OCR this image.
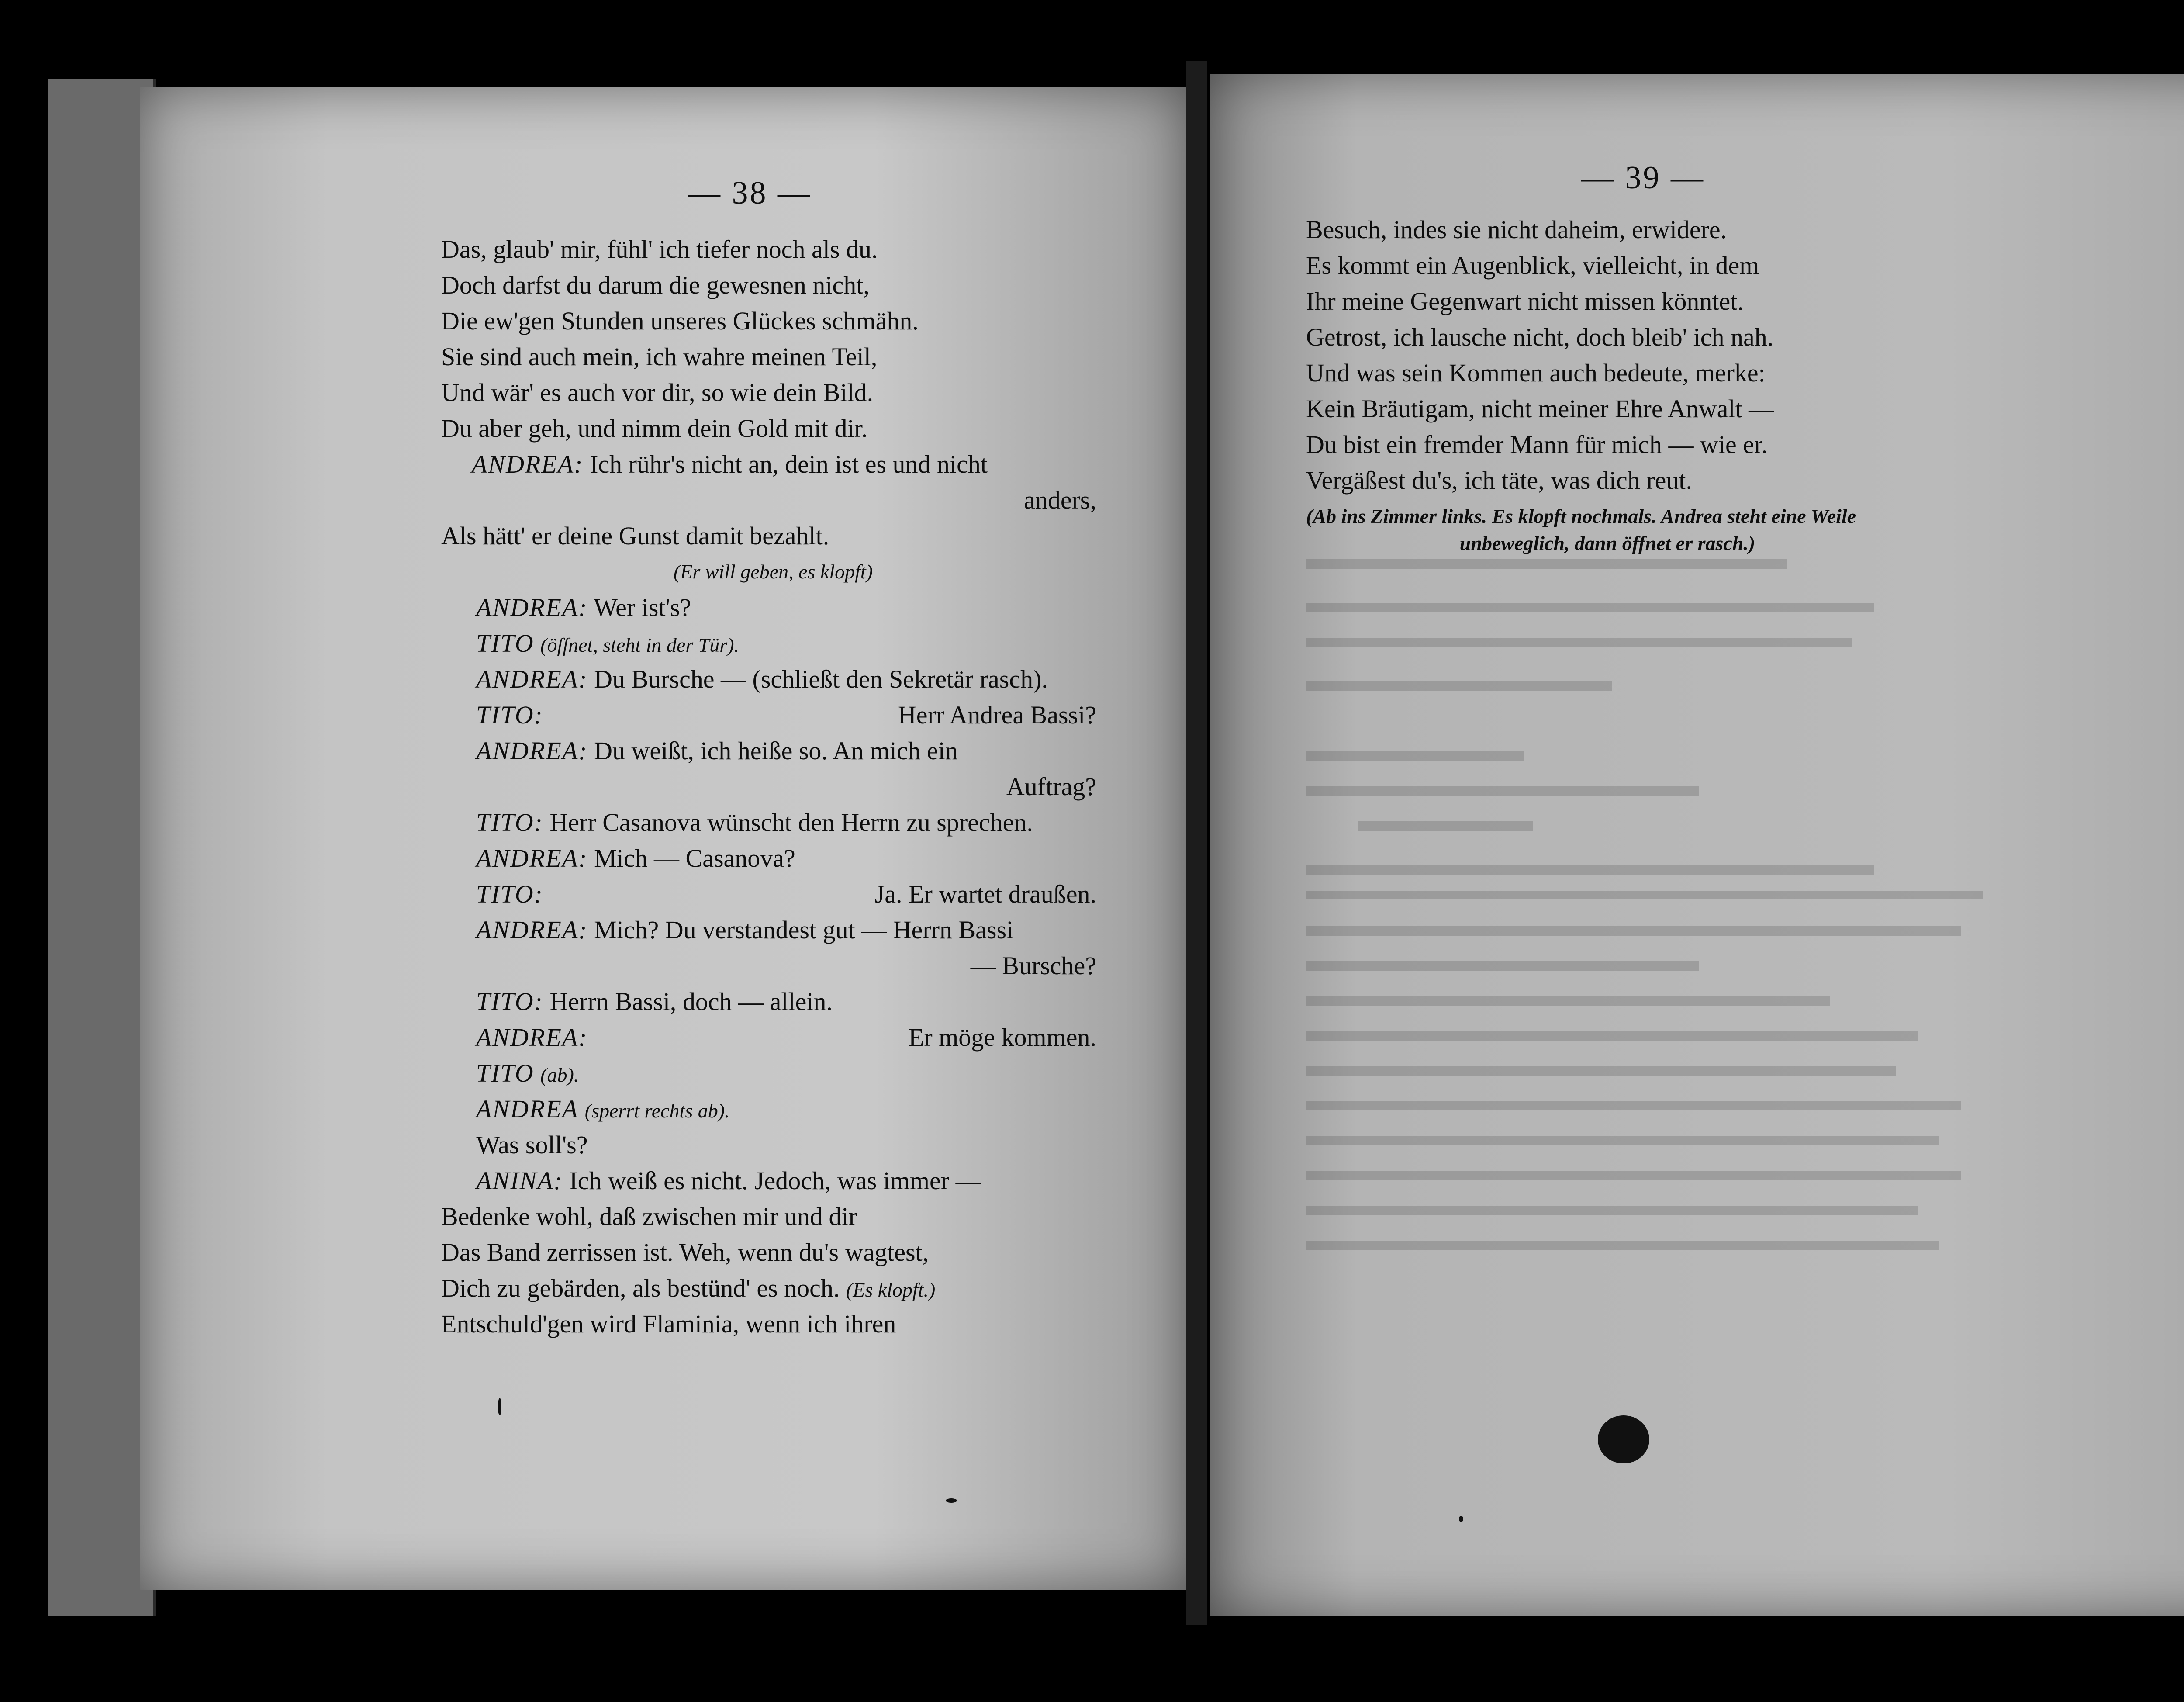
— 38 —
Das, glaub' mir, fühl' ich tiefer noch als du.
Doch darfst du darum die gewesnen nicht,
Die ew'gen Stunden unseres Glückes schmähn.
Sie sind auch mein, ich wahre meinen Teil,
Und wär' es auch vor dir, so wie dein Bild.
Du aber geh, und nimm dein Gold mit dir.
ANDREA: Ich rühr's nicht an, dein ist es und nicht
anders,
Als hätt' er deine Gunst damit bezahlt.
(Er will geben, es klopft)
ANDREA: Wer ist's?
TITO (öffnet, steht in der Tür).
ANDREA: Du Bursche — (schließt den Sekretär rasch).
TITO:	Herr Andrea Bassi?
ANDREA: Du weißt, ich heiße so. An mich ein
Auftrag?
TITO: Herr Casanova wünscht den Herrn zu sprechen.
ANDREA: Mich — Casanova?
TITO:	Ja. Er wartet draußen.
ANDREA: Mich? Du verstandest gut — Herrn Bassi
— Bursche?
TITO: Herrn Bassi, doch — allein.
ANDREA:	Er möge kommen.
TITO (ab).
ANDREA (sperrt rechts ab).
Was soll's?
ANINA: Ich weiß es nicht. Jedoch, was immer —
Bedenke wohl, daß zwischen mir und dir
Das Band zerrissen ist. Weh, wenn du's wagtest,
Dich zu gebärden, als bestünd' es noch. (Es klopft.)
Entschuld'gen wird Flaminia, wenn ich ihren
— 39 —
Besuch, indes sie nicht daheim, erwidere.
Es kommt ein Augenblick, vielleicht, in dem
Ihr meine Gegenwart nicht missen könntet.
Getrost, ich lausche nicht, doch bleib' ich nah.
Und was sein Kommen auch bedeute, merke:
Kein Bräutigam, nicht meiner Ehre Anwalt —
Du bist ein fremder Mann für mich — wie er.
Vergäßest du's, ich täte, was dich reut.
(Ab ins Zimmer links. Es klopft nochmals. Andrea steht eine Weile
unbeweglich, dann öffnet er rasch.)
